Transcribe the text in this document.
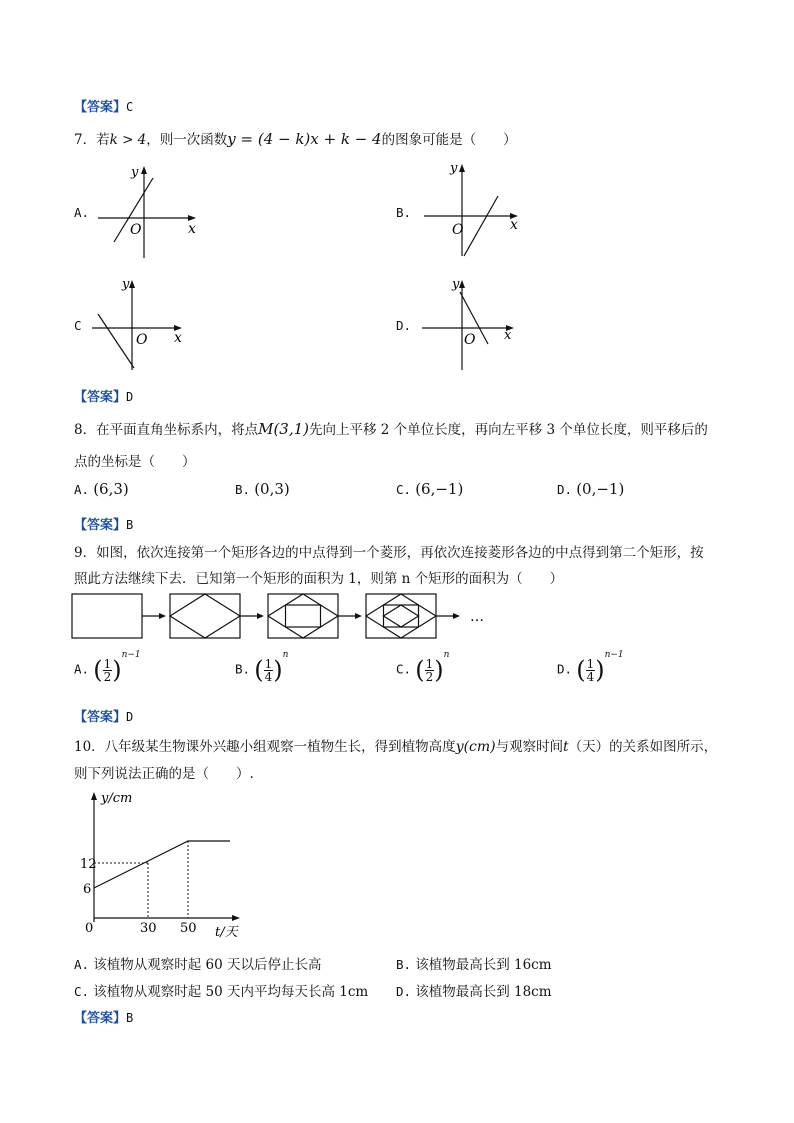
【答案】C
7．若k > 4，则一次函数y = (4 − k)x + k − 4的图象可能是（　　）
A.
y
O	x
B.
y
O	x
C
y
O x
D.
y
O x
【答案】D
8．在平面直角坐标系内，将点M(3,1)先向上平移 2 个单位长度，再向左平移 3 个单位长度，则平移后的
点的坐标是（　　）
A. (6,3)	B. (0,3)	C. (6,−1)	D. (0,−1)
【答案】B
9．如图，依次连接第一个矩形各边的中点得到一个菱形，再依次连接菱形各边的中点得到第二个矩形，按
照此方法继续下去．已知第一个矩形的面积为 1，则第 n 个矩形的面积为（　　）
…
A. ( $\frac{1}{2} )^{n-1}$
B. ( $\frac{1}{4} )^n$
C. ( $\frac{1}{2} )^n$
D. ( $\frac{1}{4} )^{n-1}$
【答案】D
10．八年级某生物课外兴趣小组观察一植物生长，得到植物高度y(cm)与观察时间t（天）的关系如图所示，
则下列说法正确的是（　　）.
y/cm
t/天
12
6
0	30 50
A. 该植物从观察时起 60 天以后停止长高	B. 该植物最高长到 16cm
C. 该植物从观察时起 50 天内平均每天长高 1cm D. 该植物最高长到 18cm
【答案】B
